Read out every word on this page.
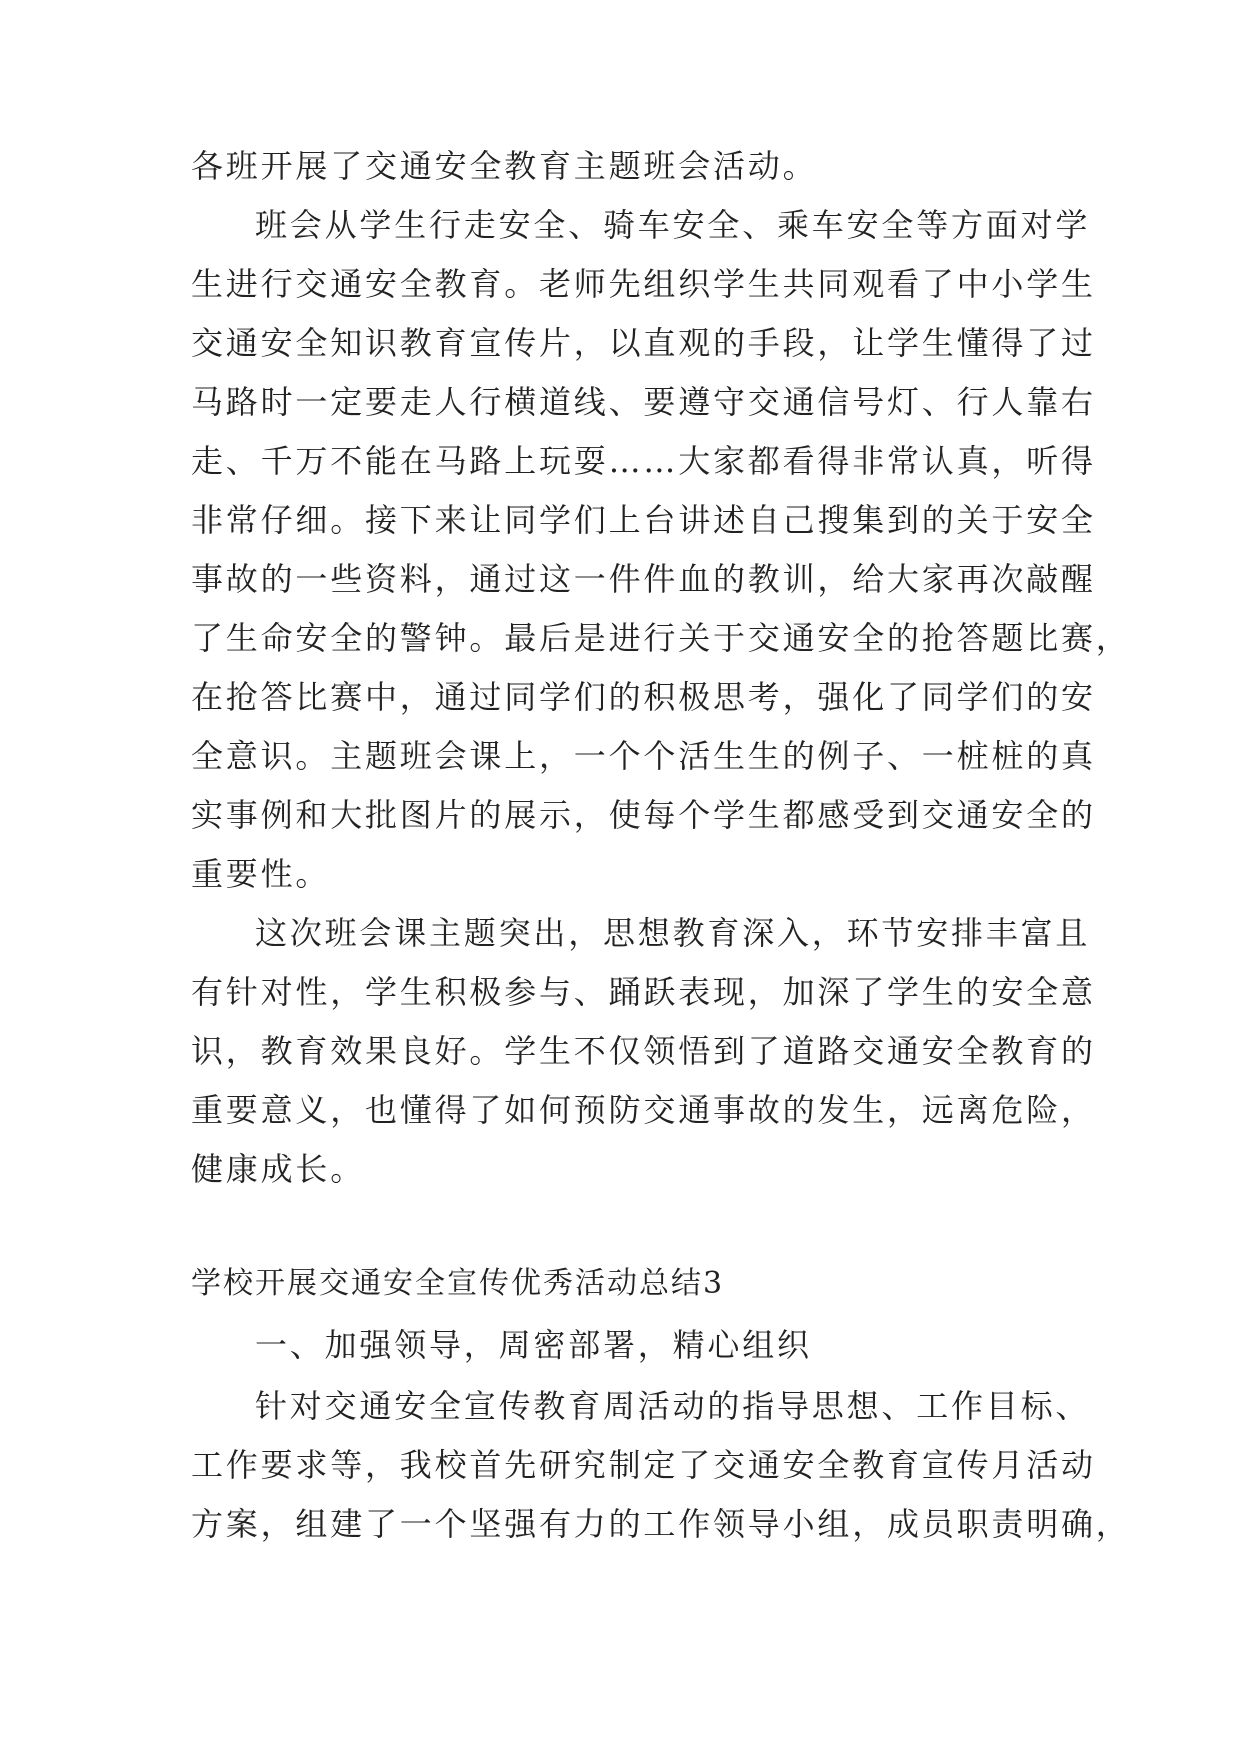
各班开展了交通安全教育主题班会活动。
班会从学生行走安全、骑车安全、乘车安全等方面对学
生进行交通安全教育。老师先组织学生共同观看了中小学生
交通安全知识教育宣传片，以直观的手段，让学生懂得了过
马路时一定要走人行横道线、要遵守交通信号灯、行人靠右
走、千万不能在马路上玩耍……大家都看得非常认真，听得
非常仔细。接下来让同学们上台讲述自己搜集到的关于安全
事故的一些资料，通过这一件件血的教训，给大家再次敲醒
了生命安全的警钟。最后是进行关于交通安全的抢答题比赛，
在抢答比赛中，通过同学们的积极思考，强化了同学们的安
全意识。主题班会课上，一个个活生生的例子、一桩桩的真
实事例和大批图片的展示，使每个学生都感受到交通安全的
重要性。
这次班会课主题突出，思想教育深入，环节安排丰富且
有针对性，学生积极参与、踊跃表现，加深了学生的安全意
识，教育效果良好。学生不仅领悟到了道路交通安全教育的
重要意义，也懂得了如何预防交通事故的发生，远离危险，
健康成长。
学校开展交通安全宣传优秀活动总结3
一、加强领导，周密部署，精心组织
针对交通安全宣传教育周活动的指导思想、工作目标、
工作要求等，我校首先研究制定了交通安全教育宣传月活动
方案，组建了一个坚强有力的工作领导小组，成员职责明确，
